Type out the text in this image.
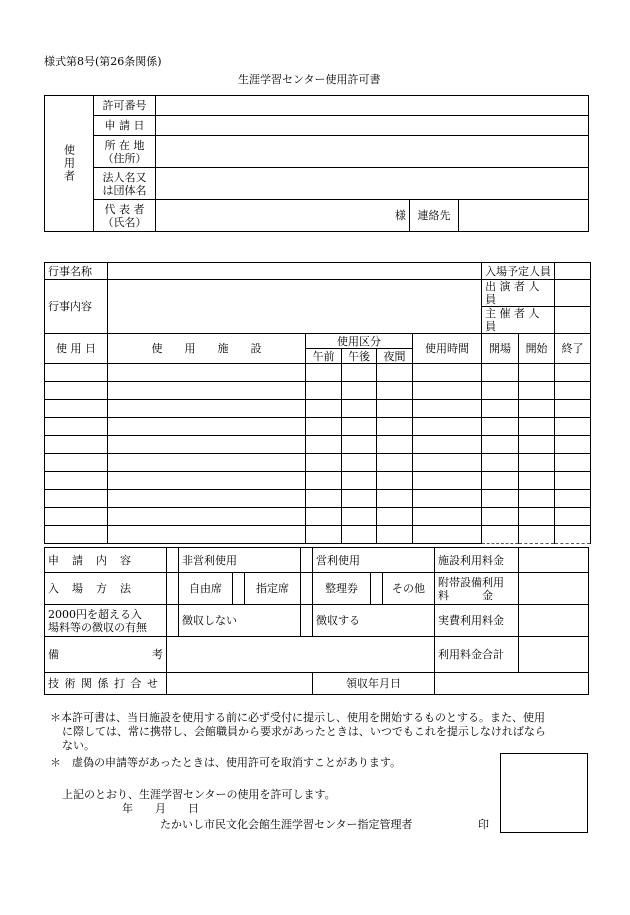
様式第8号(第26条関係)
生涯学習センター使用許可書
使用者	許可番号			
	申 請 日			

	所 在 地
（住所）			

	法人名又
は団体名			

	代 表 者
（氏名）	様	連絡先	
行事名称						入場予定人員		
行事内容						出 演 者 人 員		
						主 催 者 人 員		
使 用 日	使　　用　　施　　設	使用区分			使用時間	開場	開始	終了
		午前	午後	夜間				

申　請　内　容		非営利使用				営利使用			施設利用料金	
入　場　方　法		自由席		指定席		整理券		その他	附帯設備利用
料　　　金	

2000円を超える入
場料等の徴収の有無		徴収しない				徴収する			実費利用料金	
備 考									利用料金合計	
技 術 関 係 打 合 せ						領収年月日				
＊本許可書は、当日施設を使用する前に必ず受付に提示し、使用を開始するものとする。また、使用
に際しては、常に携帯し、会館職員から要求があったときは、いつでもこれを提示しなければなら
ない。
＊　虚偽の申請等があったときは、使用許可を取消すことがあります。
上記のとおり、生涯学習センターの使用を許可します。
年　　月　　日
たかいし市民文化会館生涯学習センター指定管理者	印
